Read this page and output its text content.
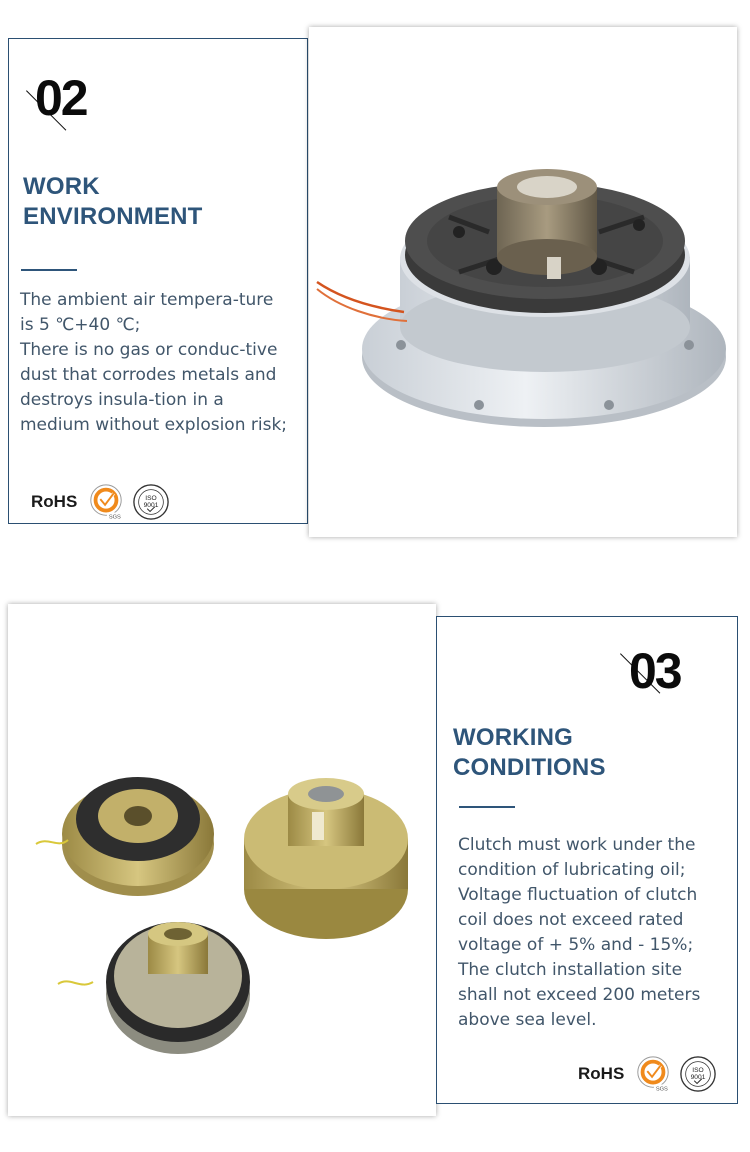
02
WORK
ENVIRONMENT

The ambient air tempera-ture is 5 ℃+40 ℃;

There is no gas or conduc-tive dust that corrodes metals and destroys insula-tion in a medium without explosion risk;

RoHS
SGS
ISO
9001
03
WORKING
CONDITIONS

Clutch must work under the condition of lubricating oil;

Voltage fluctuation of clutch coil does not exceed rated voltage of + 5% and - 15%;

The clutch installation site shall not exceed 200 meters above sea level.

RoHS
SGS
ISO
9001
